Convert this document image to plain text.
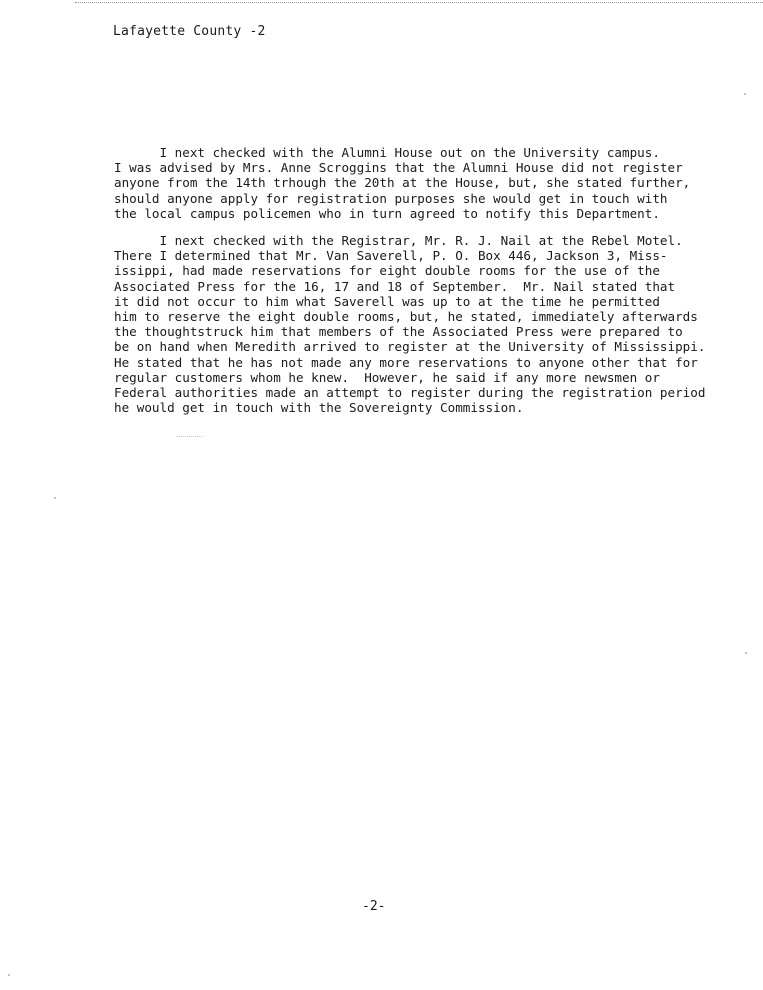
Lafayette County -2
I next checked with the Alumni House out on the University campus.
I was advised by Mrs. Anne Scroggins that the Alumni House did not register
anyone from the 14th trhough the 20th at the House, but, she stated further,
should anyone apply for registration purposes she would get in touch with
the local campus policemen who in turn agreed to notify this Department.
I next checked with the Registrar, Mr. R. J. Nail at the Rebel Motel.
There I determined that Mr. Van Saverell, P. O. Box 446, Jackson 3, Miss-
issippi, had made reservations for eight double rooms for the use of the
Associated Press for the 16, 17 and 18 of September.  Mr. Nail stated that
it did not occur to him what Saverell was up to at the time he permitted
him to reserve the eight double rooms, but, he stated, immediately afterwards
the thoughtstruck him that members of the Associated Press were prepared to
be on hand when Meredith arrived to register at the University of Mississippi.
He stated that he has not made any more reservations to anyone other that for
regular customers whom he knew.  However, he said if any more newsmen or
Federal authorities made an attempt to register during the registration period
he would get in touch with the Sovereignty Commission.
-2-
